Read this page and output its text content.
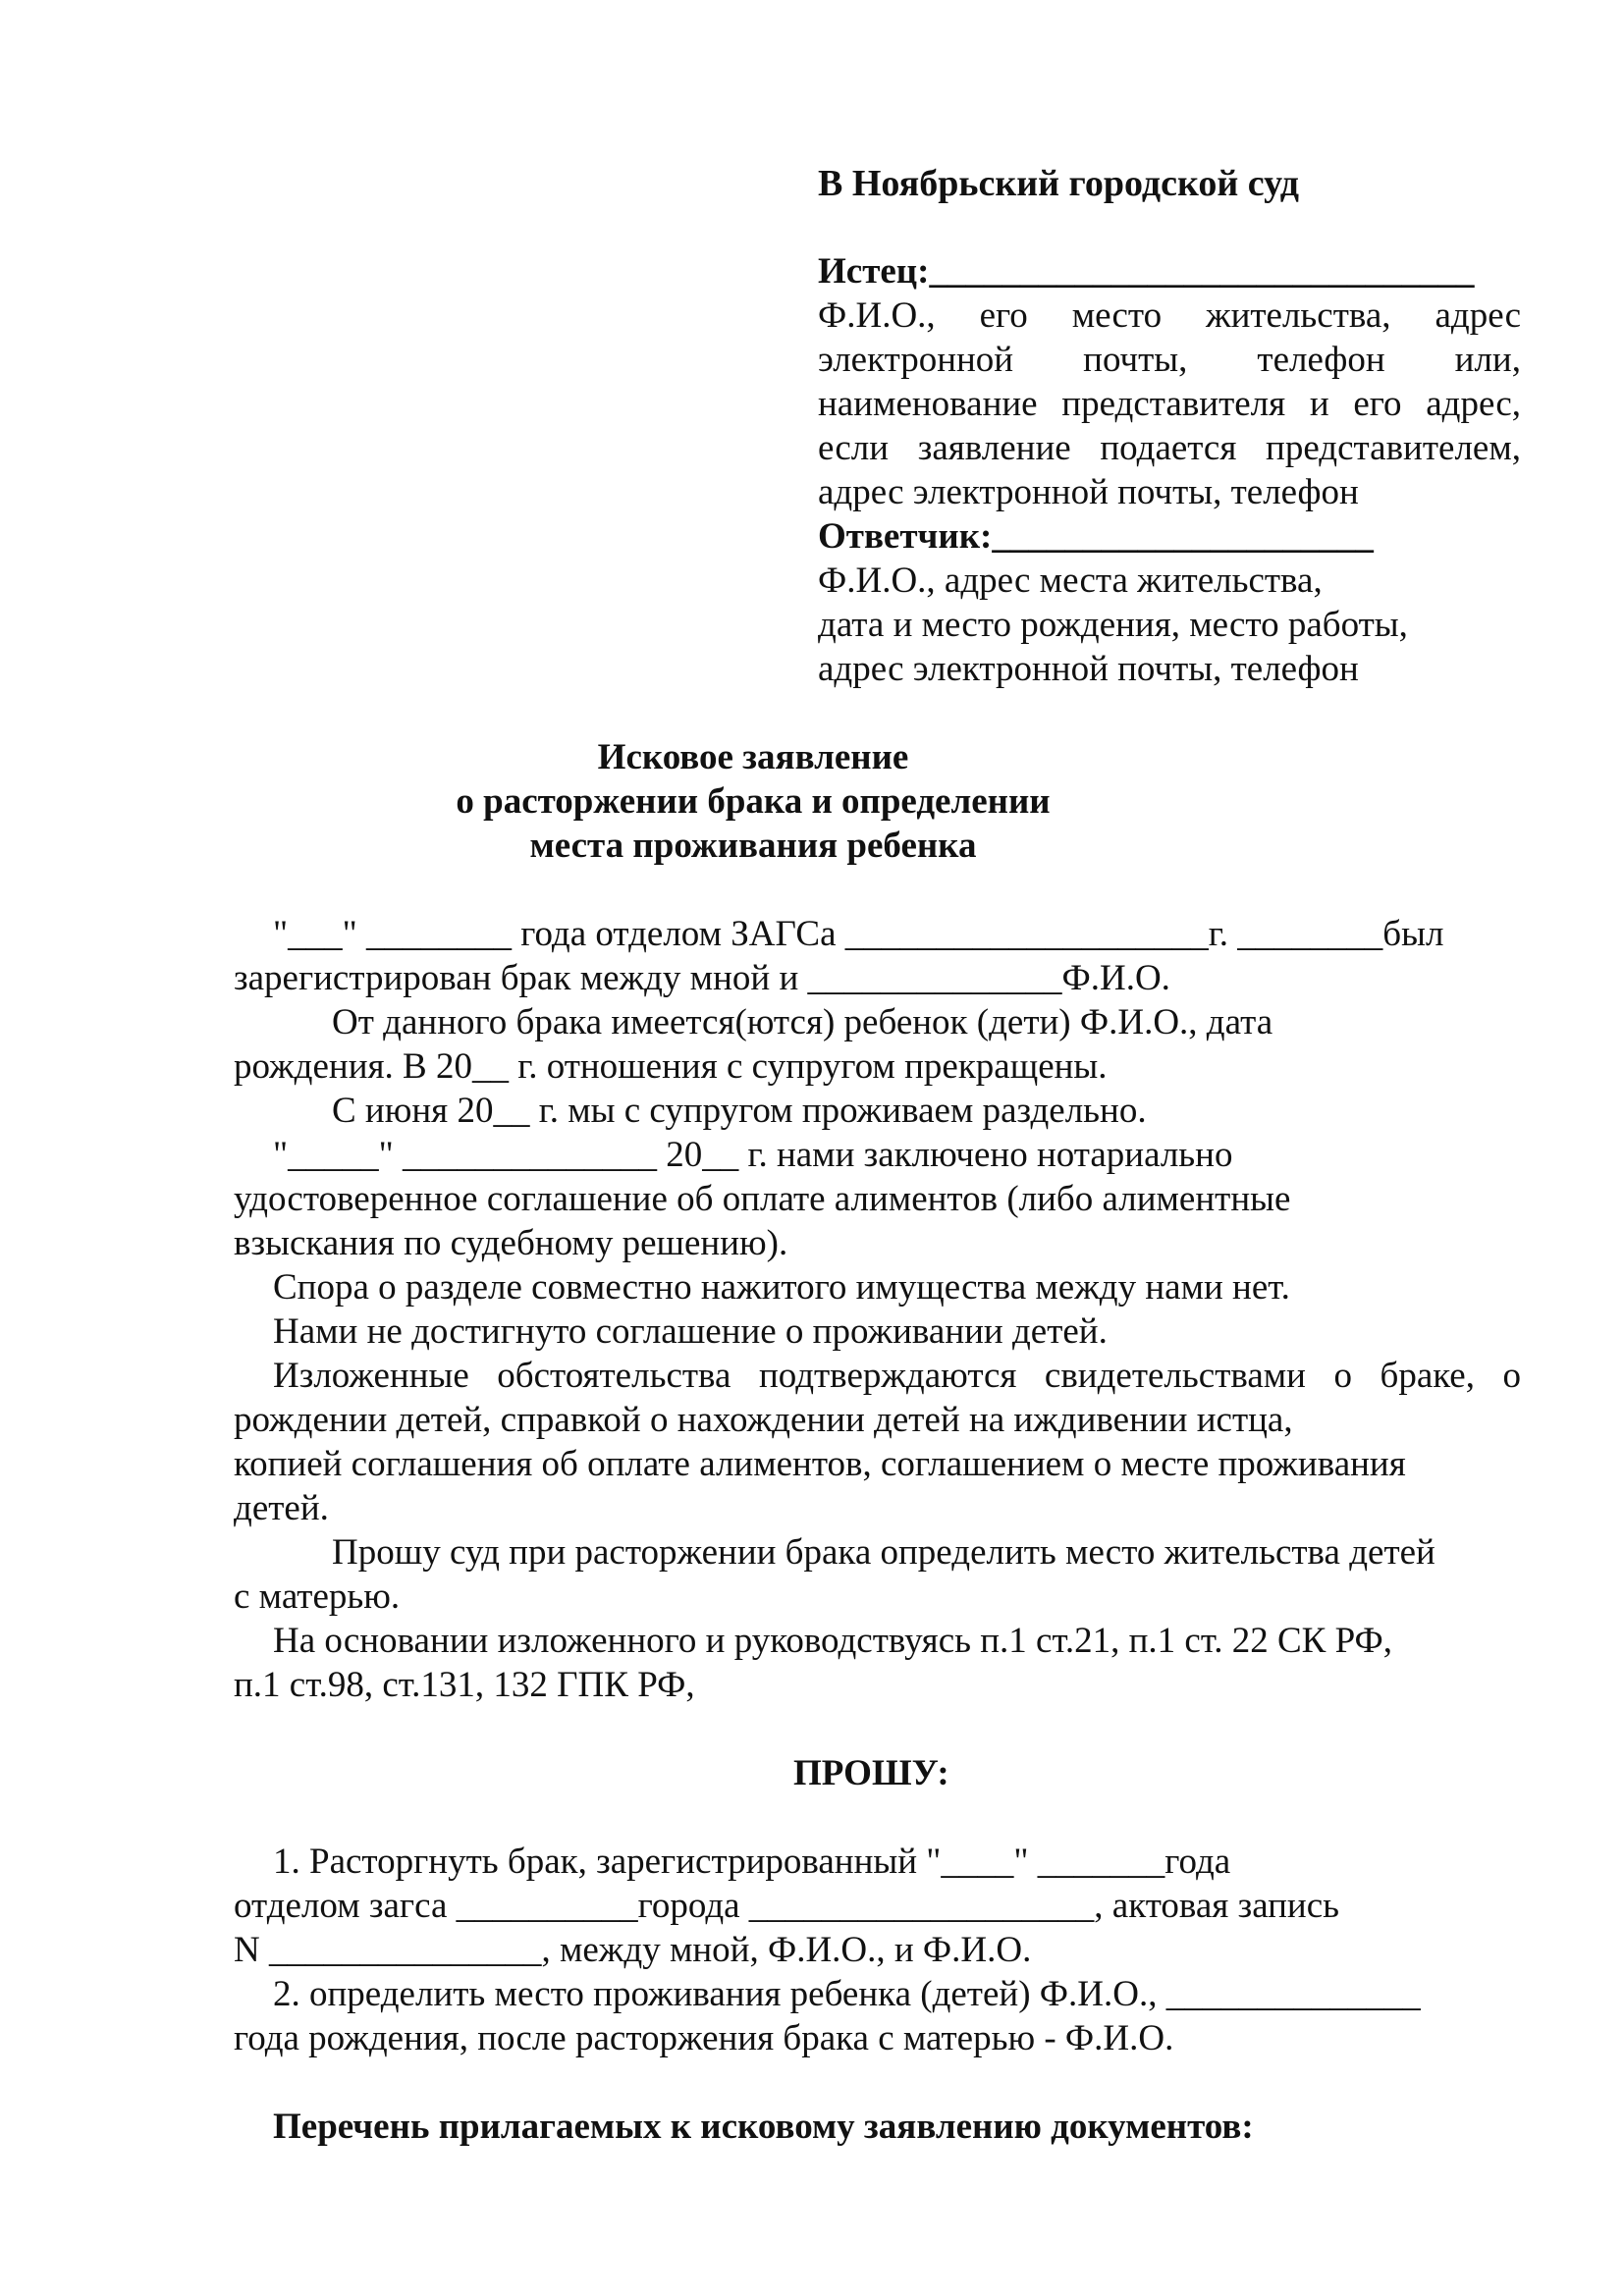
В Ноябрьский городской суд

Истец:______________________________

Ф.И.О., его место жительства, адрес

электронной почты, телефон или,

наименование представителя и его адрес,

если заявление подается представителем,

адрес электронной почты, телефон

Ответчик:_____________________

Ф.И.О., адрес места жительства,

дата и место рождения, место работы,

адрес электронной почты, телефон

Исковое заявление

о расторжении брака и определении

места проживания ребенка

"___" ________ года отделом ЗАГСа ____________________г. ________был

зарегистрирован брак между мной и ______________Ф.И.О.

От данного брака имеется(ются) ребенок (дети) Ф.И.О., дата

рождения. В 20__ г. отношения с супругом прекращены.

С июня 20__ г. мы с супругом проживаем раздельно.

"_____" ______________ 20__ г. нами заключено нотариально

удостоверенное соглашение об оплате алиментов (либо алиментные

взыскания по судебному решению).

Спора о разделе совместно нажитого имущества между нами нет.

Нами не достигнуто соглашение о проживании детей.

Изложенные обстоятельства подтверждаются свидетельствами о браке, о

рождении детей, справкой о нахождении детей на иждивении истца,

копией соглашения об оплате алиментов, соглашением о месте проживания

детей.

Прошу суд при расторжении брака определить место жительства детей

с матерью.

На основании изложенного и руководствуясь п.1 ст.21, п.1 ст. 22 СК РФ,

п.1 ст.98, ст.131, 132 ГПК РФ,

ПРОШУ:

1. Расторгнуть брак, зарегистрированный "____" _______года

отделом загса __________города ___________________, актовая запись

N _______________, между мной, Ф.И.О., и Ф.И.О.

2. определить место проживания ребенка (детей) Ф.И.О., ______________

года рождения, после расторжения брака с матерью - Ф.И.О.

Перечень прилагаемых к исковому заявлению документов:
